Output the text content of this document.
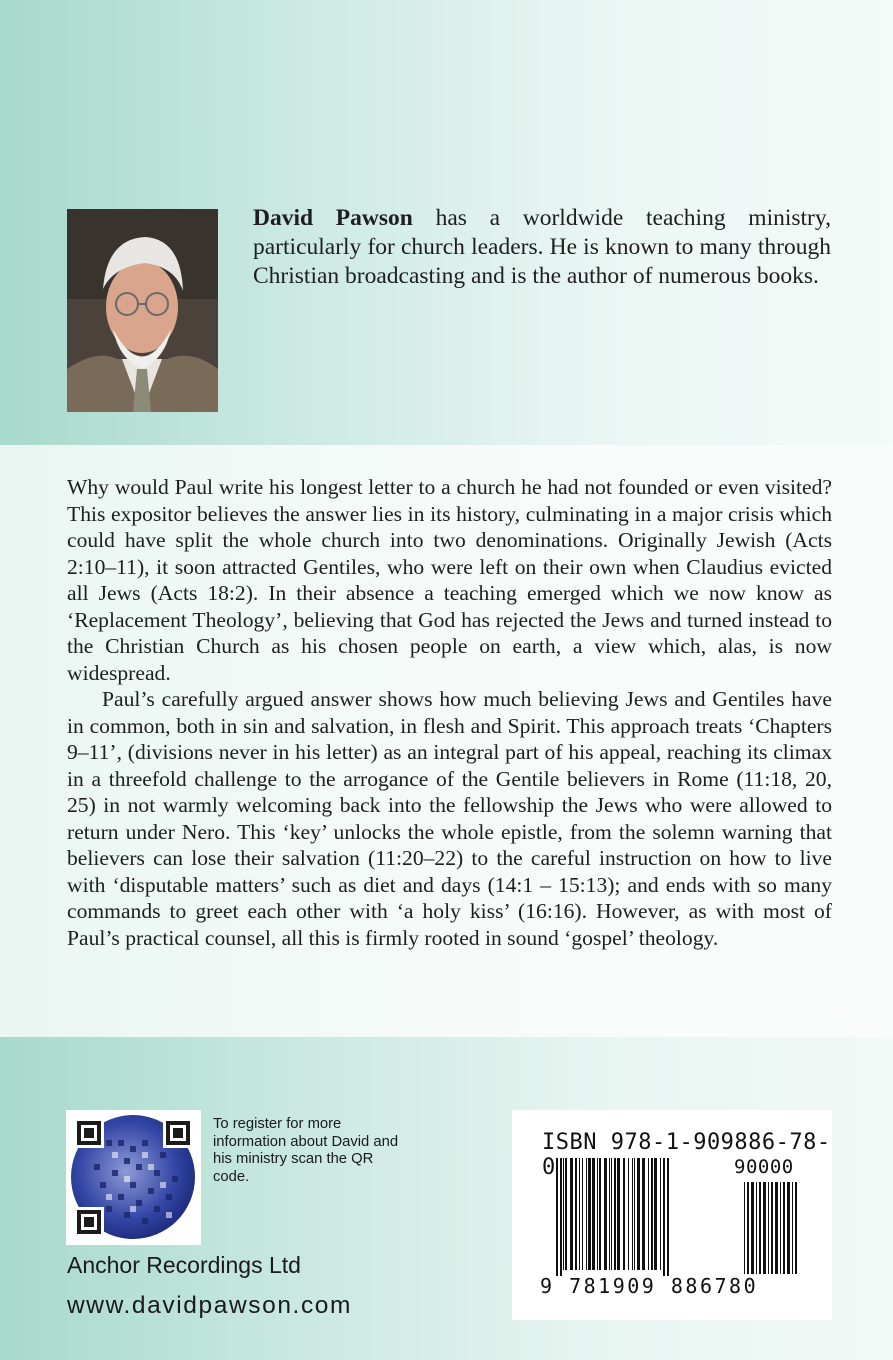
David Pawson has a worldwide teaching ministry, particularly for church leaders. He is known to many through Christian broadcasting and is the author of numerous books.

Why would Paul write his longest letter to a church he had not founded or even visited? This expositor believes the answer lies in its history, culminating in a major crisis which could have split the whole church into two denominations. Originally Jewish (Acts 2:10–11), it soon attracted Gentiles, who were left on their own when Claudius evicted all Jews (Acts 18:2). In their absence a teaching emerged which we now know as ‘Replacement Theology’, believing that God has rejected the Jews and turned instead to the Christian Church as his chosen people on earth, a view which, alas, is now widespread.

Paul’s carefully argued answer shows how much believing Jews and Gentiles have in common, both in sin and salvation, in flesh and Spirit. This approach treats ‘Chapters 9–11’, (divisions never in his letter) as an integral part of his appeal, reaching its climax in a threefold challenge to the arrogance of the Gentile believers in Rome (11:18, 20, 25) in not warmly welcoming back into the fellowship the Jews who were allowed to return under Nero. This ‘key’ unlocks the whole epistle, from the solemn warning that believers can lose their salvation (11:20–22) to the careful instruction on how to live with ‘disputable matters’ such as diet and days (14:1 – 15:13); and ends with so many commands to greet each other with ‘a holy kiss’ (16:16). However, as with most of Paul’s practical counsel, all this is firmly rooted in sound ‘gospel’ theology.

To register for more information about David and his ministry scan the QR code.
Anchor Recordings Ltd
www.davidpawson.com
ISBN 978-1-909886-78-0	90000
9 781909 886780
